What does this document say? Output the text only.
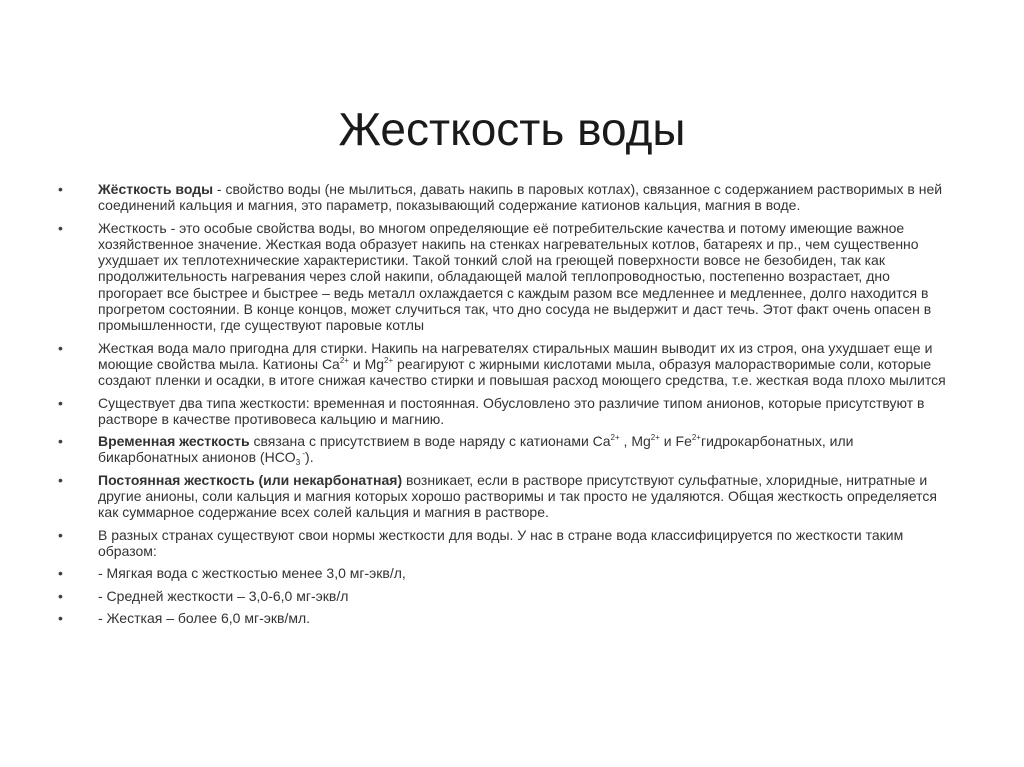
Жесткость воды
•	Жёсткость воды - свойство воды (не мылиться, давать накипь в паровых котлах), связанное с содержанием растворимых в ней соединений кальция и магния, это параметр, показывающий содержание катионов кальция, магния в воде.
•	Жесткость - это особые свойства воды, во многом определяющие её потребительские качества и потому имеющие важное хозяйственное значение. Жесткая вода образует накипь на стенках нагревательных котлов, батареях и пр., чем существенно ухудшает их теплотехнические характеристики. Такой тонкий слой на греющей поверхности вовсе не безобиден, так как продолжительность нагревания через слой накипи, обладающей малой теплопроводностью, постепенно возрастает, дно прогорает все быстрее и быстрее – ведь металл охлаждается с каждым разом все медленнее и медленнее, долго находится в прогретом состоянии. В конце концов, может случиться так, что дно сосуда не выдержит и даст течь. Этот факт очень опасен в промышленности, где существуют паровые котлы
•	Жесткая вода мало пригодна для стирки. Накипь на нагревателях стиральных машин выводит их из строя, она ухудшает еще и моющие свойства мыла. Катионы $Ca^{2+}$ и $Mg^{2+}$ реагируют с жирными кислотами мыла, образуя малорастворимые соли, которые создают пленки и осадки, в итоге снижая качество стирки и повышая расход моющего средства, т.е. жесткая вода плохо мылится
•	Существует два типа жесткости: временная и постоянная. Обусловлено это различие типом анионов, которые присутствуют в растворе в качестве противовеса кальцию и магнию.
•	Временная жесткость связана с присутствием в воде наряду с катионами $Ca^{2+}$ , $Mg^{2+}$ и $Fe^{2+}гидрокарбонатных$, или бикарбонатных анионов ($HCO_3$ -).
•	Постоянная жесткость (или некарбонатная) возникает, если в растворе присутствуют сульфатные, хлоридные, нитратные и другие анионы, соли кальция и магния которых хорошо растворимы и так просто не удаляются. Общая жесткость определяется как суммарное содержание всех солей кальция и магния в растворе.
•	В разных странах существуют свои нормы жесткости для воды. У нас в стране вода классифицируется по жесткости таким образом:
•	- Мягкая вода с жесткостью менее 3,0 мг-экв/л,
•	- Средней жесткости – 3,0-6,0 мг-экв/л
•	- Жесткая – более 6,0 мг-экв/мл.
